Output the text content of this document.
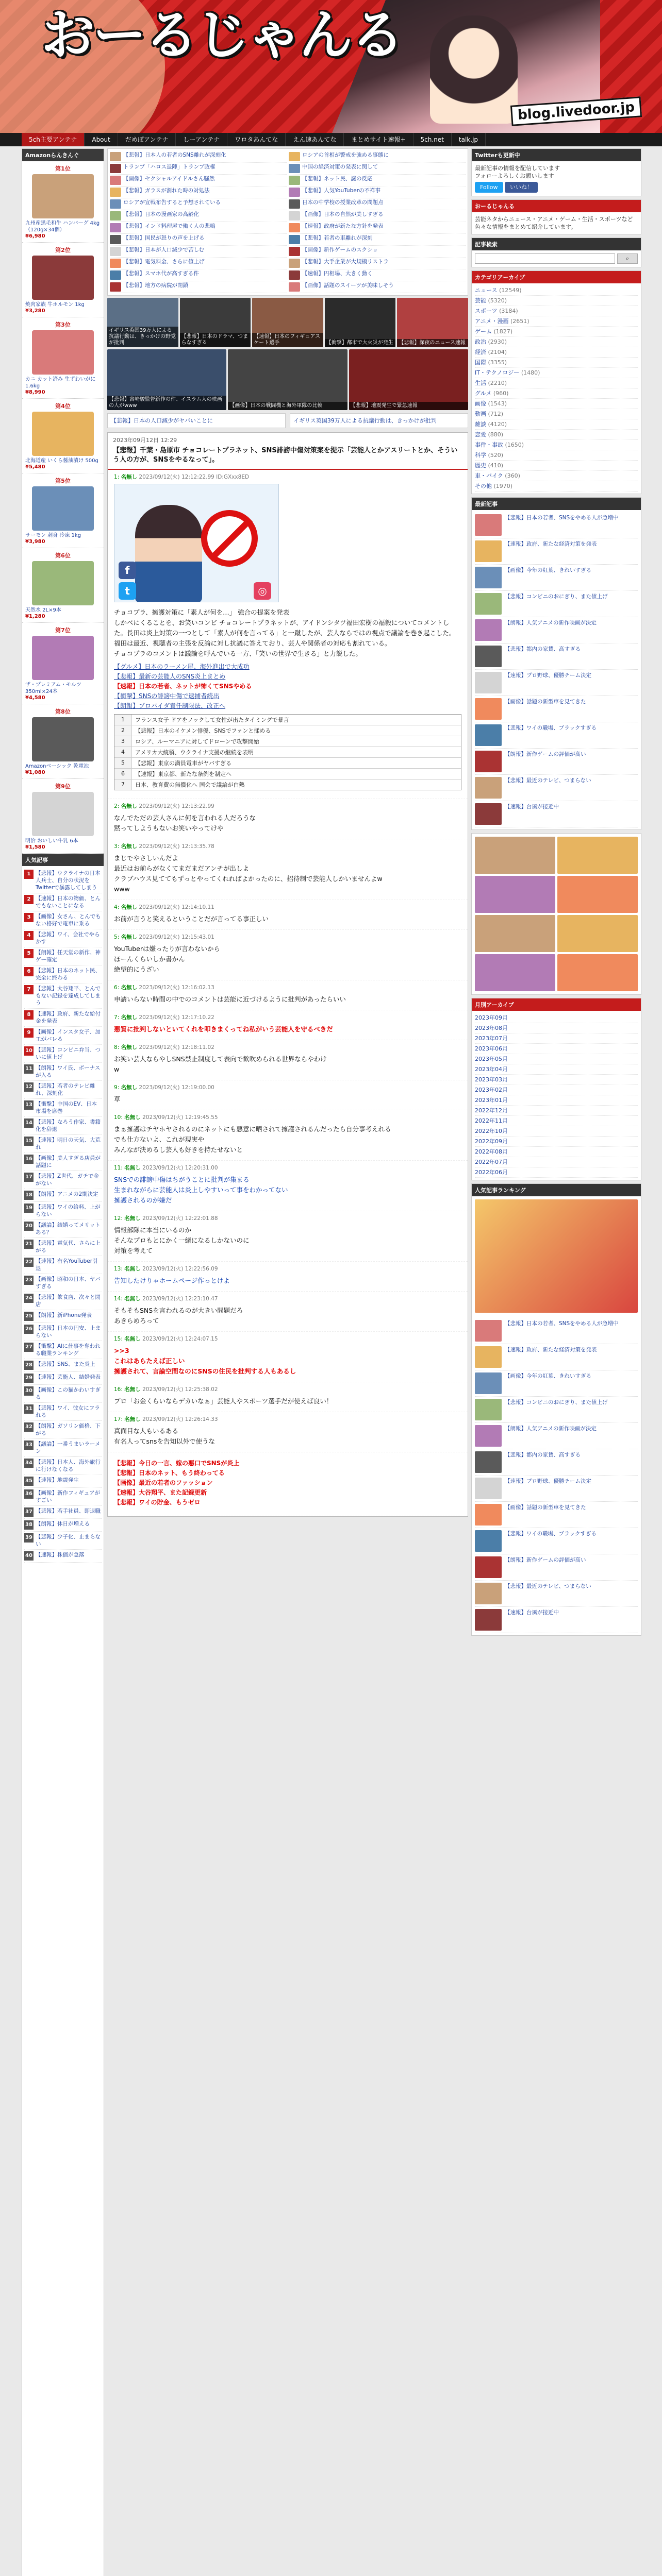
おーるじゃんる
blog.livedoor.jp
5ch主要アンテナ	About	だめぽアンテナ	しーアンテナ	ワロタあんてな	えん速あんてな	まとめサイト速報+	5ch.net	talk.jp
Amazonらんきんぐ
第1位
九州産黒毛和牛 ハンバーグ 4kg（120g×34個）
¥6,980
第2位
焼肉家族 牛ホルモン 1kg
¥3,280
第3位
カニ カット済み 生ずわいがに 1.6kg
¥8,990
第4位
北海道産 いくら醤油漬け 500g
¥5,480
第5位
サーモン 刺身 冷凍 1kg
¥3,980
第6位
天然水 2L×9本
¥1,280
第7位
ザ・プレミアム・モルツ 350ml×24本
¥4,580
第8位
Amazonベーシック 乾電池
¥1,080
第9位
明治 おいしい牛乳 6本
¥1,580
人気記事
1 【悲報】ウクライナの日本人兵士、自分の状況をTwitterで暴露してしまう
2 【速報】日本の物価、とんでもないことになる
3 【画像】女さん、とんでもない格好で電車に乗る
4 【悲報】ワイ、会社でやらかす
5 【朗報】任天堂の新作、神ゲー確定
6 【悲報】日本のネット民、完全に終わる
7 【悲報】大谷翔平、とんでもない記録を達成してしまう
8 【速報】政府、新たな給付金を発表
9 【画像】インスタ女子、加工がバレる
10 【悲報】コンビニ弁当、ついに値上げ
11 【朗報】ワイ氏、ボーナスが入る
12 【悲報】若者のテレビ離れ、深刻化
13 【衝撃】中国のEV、日本市場を席巻
14 【悲報】なろう作家、書籍化を辞退
15 【速報】明日の天気、大荒れ
16 【画像】美人すぎる店員が話題に
17 【悲報】Z世代、ガチで金がない
18 【朗報】アニメの2期決定
19 【悲報】ワイの給料、上がらない
20 【議論】結婚ってメリットある？
21 【悲報】電気代、さらに上がる
22 【速報】有名YouTuber引退
23 【画像】昭和の日本、ヤバすぎる
24 【悲報】飲食店、次々と閉店
25 【朗報】新iPhone発表
26 【悲報】日本の円安、止まらない
27 【衝撃】AIに仕事を奪われる職業ランキング
28 【悲報】SNS、また炎上
29 【速報】芸能人、結婚発表
30 【画像】この猫かわいすぎる
31 【悲報】ワイ、彼女にフラれる
32 【朗報】ガソリン価格、下がる
33 【議論】一番うまいラーメン
34 【悲報】日本人、海外旅行に行けなくなる
35 【速報】地震発生
36 【画像】新作フィギュアがすごい
37 【悲報】若手社員、即退職
38 【朗報】休日が増える
39 【悲報】少子化、止まらない
40 【速報】株価が急落
【悲報】日本人の若者のSNS離れが深刻化
トランプ「ハロス退陣」トランプ政権
【画像】セクシャルアイドルさん騒然
【悲報】ガラスが割れた時の対処法
ロシアが宣戦布告すると予想されている
【悲報】日本の漫画家の高齢化
【悲報】インド料理屋で働く人の悲鳴
【悲報】国民が怒りの声を上げる
【悲報】日本が人口減少で苦しむ
【悲報】電気料金、さらに値上げ
【悲報】スマホ代が高すぎる件
【悲報】地方の病院が閉鎖
ロシアの首相が警戒を強める事態に
中国の経済対策の発表に関して
【悲報】ネット民、謎の反応
【悲報】人気YouTuberの不祥事
日本の中学校の授業改革の問題点
【画像】日本の自然が美しすぎる
【速報】政府が新たな方針を発表
【悲報】若者の車離れが深刻
【画像】新作ゲームのスクショ
【悲報】大手企業が大規模リストラ
【速報】円相場、大きく動く
【画像】話題のスイーツが美味しそう
イギリス英国39万人による抗議行動は、きっかけの野党が批判
【悲報】日本のドラマ、つまらなすぎる
【速報】日本のフィギュアスケート選手	【衝撃】都市で大火災が発生	【悲報】深夜のニュース速報
【悲報】宮崎駿監督新作の件、イスラム人の映画の人がwww	【画像】日本の戦闘機と海外軍隊の比較	【悲報】地震発生で緊急速報
【悲報】日本の人口減少がヤバいことに	イギリス英国39万人による抗議行動は、きっかけが批判
2023年09月12日 12:29
【悲報】千葉・島原市 チョコレートプラネット、SNS誹謗中傷対策案を提示「芸能人とかアスリートとか、そういう人の方が、SNSをやるなって」。
1: 名無し 2023/09/12(火) 12:12:22.99 ID:GXxx8ED
f
t	◎
チョコプラ、擁護対策に「素人が何を…」 強合の提案を発表
しかべにくることを、お笑いコンビ チョコレートプラネットが、アイドンシタツ福田宏樹の福毅についてコメントした。長田は炎上対策の一つとして「素人が何を言ってる」と一蹴したが、芸人ならではの視点で議論を巻き起こした。
福田は最近、視聴者の主張を反論に対し抗議に答えており、芸人や関係者の対応も割れている。
チョコプラのコメントは議論を呼んでいる一方、「笑いの世界で生きる」と力説した。
【グルメ】日本のラーメン屋、海外進出で大成功
【悲報】最新の芸能人のSNS炎上まとめ
【速報】日本の若者、ネットが怖くてSNSやめる
【衝撃】SNSの誹謗中傷で逮捕者続出
【朗報】プロバイダ責任制限法、改正へ
1	フランス女子 ドアをノックして女性が出たタイミングで暴言
2	【悲報】日本のイケメン俳優、SNSでファンと揉める
3	ロシア、ルーマニアに対してドローンで攻撃開始
4	アメリカ大統領、ウクライナ支援の継続を表明
5	【悲報】東京の満員電車がヤバすぎる
6	【速報】東京都、新たな条例を制定へ
7	日本、教育費の無償化へ 国会で議論が白熱
2: 名無し 2023/09/12(火) 12:13:22.99
なんでただの芸人さんに何を言われる人だろうな
黙ってしようもないお笑いやってけや
3: 名無し 2023/09/12(火) 12:13:35.78
まじでやさしいんだよ
最近はお前らがなくてまだまだアンチが出しよ
クラブハウス見ててもずっとやってくれればよかったのに、招待制で芸能人しかいませんよw
www
4: 名無し 2023/09/12(火) 12:14:10.11
お前が言うと笑えるということだが言ってる事正しい
5: 名無し 2023/09/12(火) 12:15:43.01
YouTuberは嫌ったりが言わないから
ほーんくらいしか書かん
絶望的にうざい
6: 名無し 2023/09/12(火) 12:16:02.13
申請いらない時間の中でのコメントは芸能に近づけるように批判があったらいい
7: 名無し 2023/09/12(火) 12:17:10.22
悪質に批判しないといてくれを叩きまくってね私がいう芸能人を守るべきだ
8: 名無し 2023/09/12(火) 12:18:11.02
お笑い芸人ならやしSNS禁止制度して表向で歓吹められる世界ならやわけ
w
9: 名無し 2023/09/12(火) 12:19:00.00
草
10: 名無し 2023/09/12(火) 12:19:45.55
まぁ擁護はチヤホヤされるのにネットにも悪意に晒されて擁護されるんだったら自分事考えれる
でも仕方ないよ、これが現実や
みんなが決めるし芸人も好きを持たせないと
11: 名無し 2023/09/12(火) 12:20:31.00
SNSでの誹謗中傷はちがうことに批判が集まる
生まれながらに芸能人は炎上しやすいって事をわかってない
擁護されるのが嫌だ
12: 名無し 2023/09/12(火) 12:22:01.88
情報部隊に本当にいるのか
そんなプロもとにかく一緒になるしかないのに
対策を考えて
13: 名無し 2023/09/12(火) 12:22:56.09
告知したけりゃホームページ作っとけよ
14: 名無し 2023/09/12(火) 12:23:10.47
そもそもSNSを言われるのが大きい問題だろ
あきらめろって
15: 名無し 2023/09/12(火) 12:24:07.15
>>3
これはあらたえば正しい
擁護されて、言論空間なのにSNSの住民を批判する人もあるし
16: 名無し 2023/09/12(火) 12:25:38.02
プロ「お金くらいならデカいなぁ」芸能人やスポーツ選手だが使えば良い！
17: 名無し 2023/09/12(火) 12:26:14.33
真面目な人もいるある
有名人ってsnsを告知以外で使うな
【悲報】今日の一言、嫁の悪口でSNSが炎上
【悲報】日本のネット、もう終わってる
【画像】最近の若者のファッション
【速報】大谷翔平、また記録更新
【悲報】ワイの貯金、もうゼロ
Twitterも更新中
最新記事の情報を配信しています
フォローよろしくお願いします
Follow いいね！
おーるじゃんる
芸能ネタからニュース・アニメ・ゲーム・生活・スポーツなど色々な情報をまとめて紹介しています。
記事検索
⌕
カテゴリアーカイブ
ニュース (12549)
芸能 (5320)
スポーツ (3184)
アニメ・漫画 (2651)
ゲーム (1827)
政治 (2930)
経済 (2104)
国際 (3355)
IT・テクノロジー (1480)
生活 (2210)
グルメ (960)
画像 (1543)
動画 (712)
雑談 (4120)
恋愛 (880)
事件・事故 (1650)
科学 (520)
歴史 (410)
車・バイク (360)
その他 (1970)
最新記事
【悲報】日本の若者、SNSをやめる人が急増中
【速報】政府、新たな経済対策を発表
【画像】今年の紅葉、きれいすぎる
【悲報】コンビニのおにぎり、また値上げ
【朗報】人気アニメの新作映画が決定
【悲報】都内の家賃、高すぎる
【速報】プロ野球、優勝チーム決定
【画像】話題の新型車を見てきた
【悲報】ワイの職場、ブラックすぎる
【朗報】新作ゲームの評価が高い
【悲報】最近のテレビ、つまらない
【速報】台風が接近中
月別アーカイブ
2023年09月
2023年08月
2023年07月
2023年06月
2023年05月
2023年04月
2023年03月
2023年02月
2023年01月
2022年12月
2022年11月
2022年10月
2022年09月
2022年08月
2022年07月
2022年06月
人気記事ランキング
【悲報】日本の若者、SNSをやめる人が急増中
【速報】政府、新たな経済対策を発表
【画像】今年の紅葉、きれいすぎる
【悲報】コンビニのおにぎり、また値上げ
【朗報】人気アニメの新作映画が決定
【悲報】都内の家賃、高すぎる
【速報】プロ野球、優勝チーム決定
【画像】話題の新型車を見てきた
【悲報】ワイの職場、ブラックすぎる
【朗報】新作ゲームの評価が高い
【悲報】最近のテレビ、つまらない
【速報】台風が接近中
